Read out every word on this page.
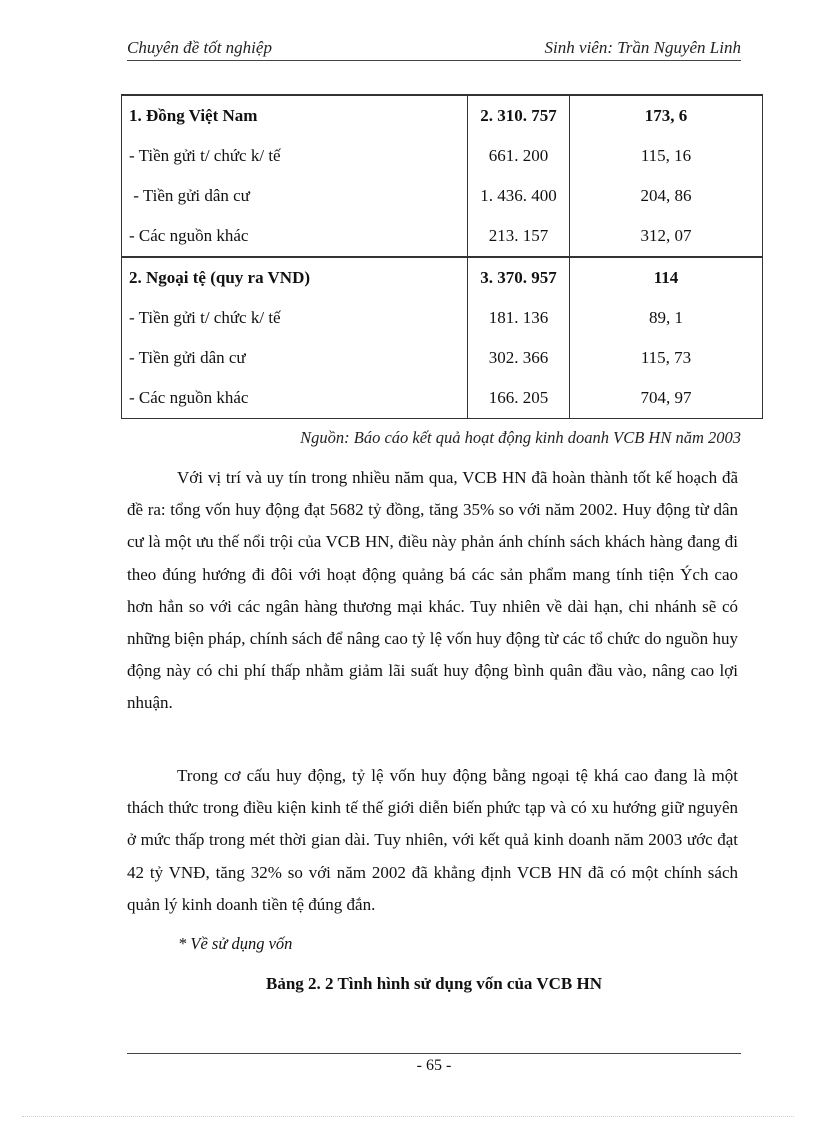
Chuyên đề tốt nghiệp	Sinh viên: Trần Nguyên Linh
1. Đồng Việt Nam	2. 310. 757	173, 6
- Tiền gửi t/ chức k/ tế	661. 200	115, 16
- Tiền gửi dân cư	1. 436. 400	204, 86
- Các nguồn khác	213. 157	312, 07
2. Ngoại tệ (quy ra VND)	3. 370. 957	114
- Tiền gửi t/ chức k/ tế	181. 136	89, 1
- Tiền gửi dân cư	302. 366	115, 73
- Các nguồn khác	166. 205	704, 97
Nguồn: Báo cáo kết quả hoạt động kinh doanh VCB HN năm 2003

Với vị trí và uy tín trong nhiều năm qua, VCB HN đã hoàn thành tốt kế hoạch đã đề ra: tổng vốn huy động đạt 5682 tỷ đồng, tăng 35% so với năm 2002. Huy động từ dân cư là một ưu thế nổi trội của VCB HN, điều này phản ánh chính sách khách hàng đang đi theo đúng hướng đi đôi với hoạt động quảng bá các sản phẩm mang tính tiện Ých cao hơn hẳn so với các ngân hàng thương mại khác. Tuy nhiên về dài hạn, chi nhánh sẽ có những biện pháp, chính sách để nâng cao tỷ lệ vốn huy động từ các tổ chức do nguồn huy động này có chi phí thấp nhằm giảm lãi suất huy động bình quân đầu vào, nâng cao lợi nhuận.

Trong cơ cấu huy động, tỷ lệ vốn huy động bằng ngoại tệ khá cao đang là một thách thức trong điều kiện kinh tế thế giới diễn biến phức tạp và có xu hướng giữ nguyên ở mức thấp trong mét thời gian dài. Tuy nhiên, với kết quả kinh doanh năm 2003 ước đạt 42 tỷ VNĐ, tăng 32% so với năm 2002 đã khẳng định VCB HN đã có một chính sách quản lý kinh doanh tiền tệ đúng đắn.

* Về sử dụng vốn
Bảng 2. 2 Tình hình sử dụng vốn của VCB HN
- 65 -
